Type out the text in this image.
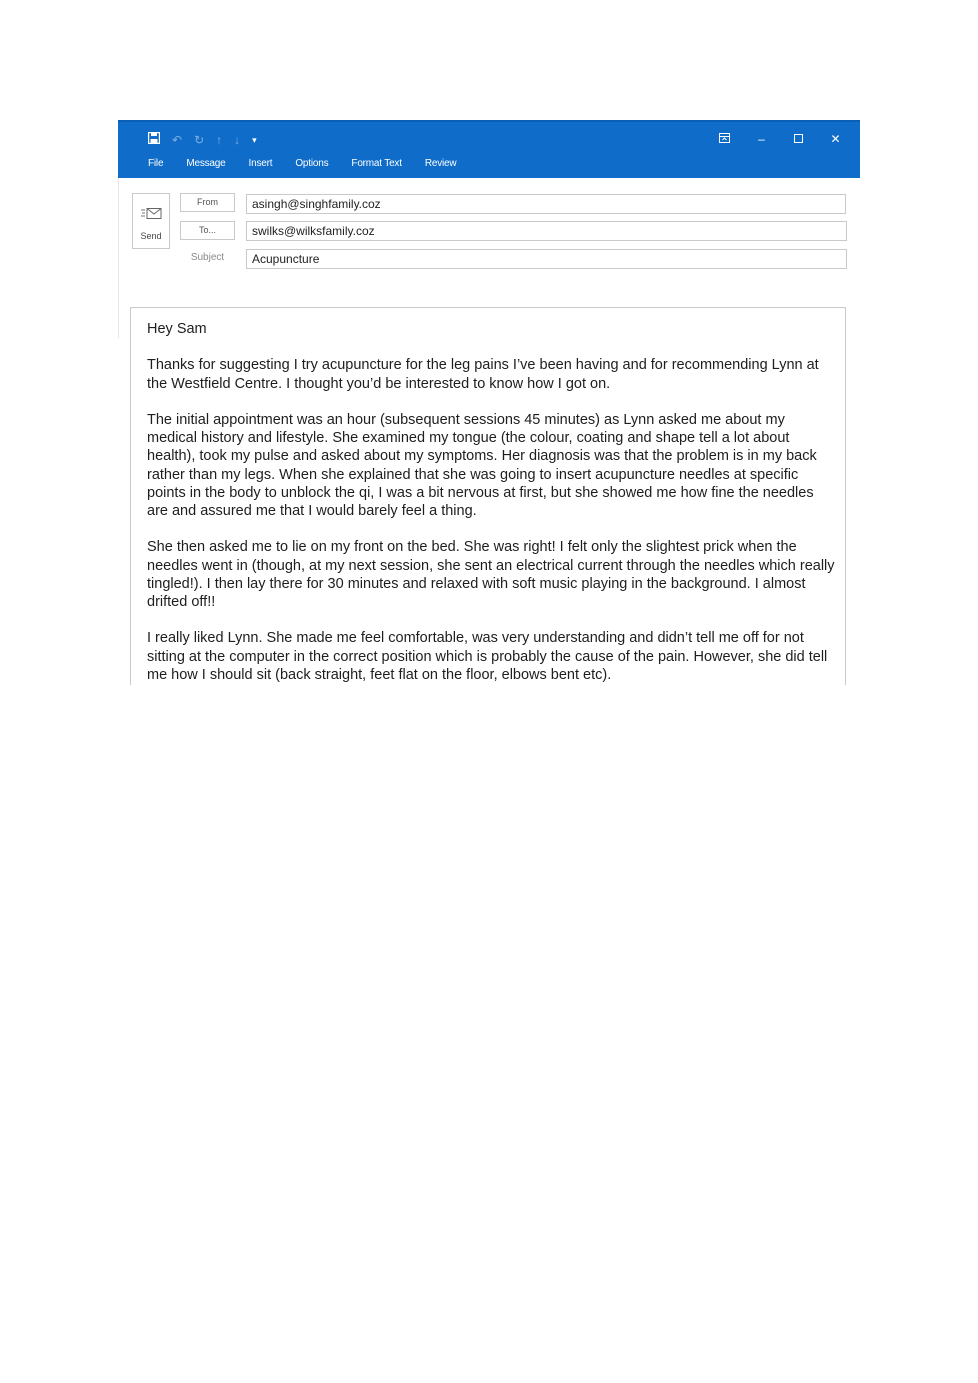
↶ ↻ ↑ ↓ ▾	–	✕
File Message Insert Options Format Text Review
Send
From
To...
Subject
asingh@singhfamily.coz
swilks@wilksfamily.coz
Acupuncture

Hey Sam

Thanks for suggesting I try acupuncture for the leg pains I’ve been having and for recommending Lynn at the Westfield Centre. I thought you’d be interested to know how I got on.

The initial appointment was an hour (subsequent sessions 45 minutes) as Lynn asked me about my medical history and lifestyle. She examined my tongue (the colour, coating and shape tell a lot about health), took my pulse and asked about my symptoms. Her diagnosis was that the problem is in my back rather than my legs. When she explained that she was going to insert acupuncture needles at specific points in the body to unblock the qi, I was a bit nervous at first, but she showed me how fine the needles are and assured me that I would barely feel a thing.

She then asked me to lie on my front on the bed. She was right! I felt only the slightest prick when the needles went in (though, at my next session, she sent an electrical current through the needles which really tingled!). I then lay there for 30 minutes and relaxed with soft music playing in the background. I almost drifted off!!

I really liked Lynn. She made me feel comfortable, was very understanding and didn’t tell me off for not sitting at the computer in the correct position which is probably the cause of the pain. However, she did tell me how I should sit (back straight, feet flat on the floor, elbows bent etc).
